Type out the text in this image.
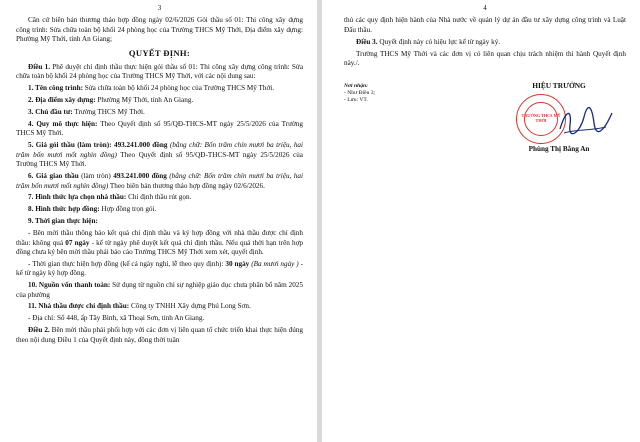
3

Căn cứ biên bản thương thảo hợp đồng ngày 02/6/2026 Gói thầu số 01: Thi công xây dựng công trình: Sửa chữa toàn bộ khối 24 phòng học của Trường THCS Mỹ Thới, Địa điểm xây dựng: Phường Mỹ Thới, tỉnh An Giang;

QUYẾT ĐỊNH:

Điều 1. Phê duyệt chỉ định thầu thực hiện gói thầu số 01: Thi công xây dựng công trình: Sửa chữa toàn bộ khối 24 phòng học của Trường THCS Mỹ Thới, với các nội dung sau:

1. Tên công trình: Sửa chữa toàn bộ khối 24 phòng học của Trường THCS Mỹ Thới.

2. Địa điểm xây dựng: Phường Mỹ Thới, tỉnh An Giang.

3. Chủ đầu tư: Trường THCS Mỹ Thới.

4. Quy mô thực hiện: Theo Quyết định số 95/QĐ-THCS-MT ngày 25/5/2026 của Trường THCS Mỹ Thới.

5. Giá gói thầu (làm tròn): 493.241.000 đồng (bằng chữ: Bốn trăm chín mươi ba triệu, hai trăm bốn mươi mốt nghìn đồng) Theo Quyết định số 95/QĐ-THCS-MT ngày 25/5/2026 của Trường THCS Mỹ Thới.

6. Giá giao thầu (làm tròn) 493.241.000 đồng (bằng chữ: Bốn trăm chín mươi ba triệu, hai trăm bốn mươi mốt nghìn đồng) Theo biên bản thương thảo hợp đồng ngày 02/6/2026.

7. Hình thức lựa chọn nhà thầu: Chỉ định thầu rút gọn.

8. Hình thức hợp đồng: Hợp đồng trọn gói.

9. Thời gian thực hiện:

- Bên mời thầu thông báo kết quả chỉ định thầu và ký hợp đồng với nhà thầu được chỉ định thầu: không quá 07 ngày - kể từ ngày phê duyệt kết quả chỉ định thầu. Nếu quá thời hạn trên hợp đồng chưa ký bên mời thầu phải báo cáo Trường THCS Mỹ Thới xem xét, quyết định.

- Thời gian thực hiện hợp đồng (kể cả ngày nghỉ, lễ theo quy định): 30 ngày (Ba mươi ngày ) - kể từ ngày ký hợp đồng.

10. Nguồn vốn thanh toán: Sử dụng từ nguồn chi sự nghiệp giáo dục chưa phân bổ năm 2025 của phường

11. Nhà thầu được chỉ định thầu: Công ty TNHH Xây dựng Phú Long Sơn.

- Địa chỉ: Số 448, ấp Tây Bình, xã Thoại Sơn, tỉnh An Giang.

Điều 2. Bên mời thầu phải phối hợp với các đơn vị liên quan tổ chức triển khai thực hiện đúng theo nội dung Điều 1 của Quyết định này, đồng thời tuân

4

thủ các quy định hiện hành của Nhà nước về quản lý dự án đầu tư xây dựng công trình và Luật Đấu thầu.

Điều 3. Quyết định này có hiệu lực kể từ ngày ký.

Trường THCS Mỹ Thới và các đơn vị có liên quan chịu trách nhiệm thi hành Quyết định này./.

Nơi nhận:
- Như Điều 3;
- Lưu: VT.
HIỆU TRƯỞNG
TRƯỜNG THCS MỸ THỚI
Phùng Thị Bằng An
